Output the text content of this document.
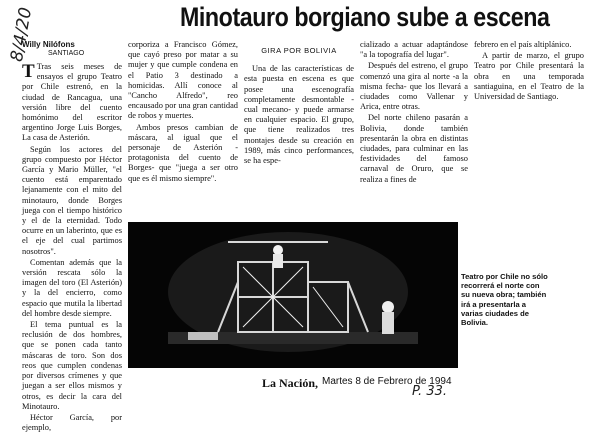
8/4/20	Minotauro borgiano sube a escena
Willy Nilófons
SANTIAGO

T Tras seis meses de ensayos el grupo Teatro por Chile estrenó, en la ciudad de Rancagua, una versión libre del cuento homónimo del escritor argentino Jorge Luis Borges, La casa de Asterión.

Según los actores del grupo compuesto por Héctor García y Mario Müller, "el cuento está emparentado lejanamente con el mito del minotauro, donde Borges juega con el tiempo histórico y el de la eternidad. Todo ocurre en un laberinto, que es el eje del cual partimos nosotros".

Comentan además que la versión rescata sólo la imagen del toro (El Asterión) y la del encierro, como espacio que mutila la libertad del hombre desde siempre.

El tema puntual es la reclusión de dos hombres, que se ponen cada tanto máscaras de toro. Son dos reos que cumplen condenas por diversos crímenes y que juegan a ser ellos mismos y otros, es decir la cara del Minotauro.

Héctor García, por ejemplo,

corporiza a Francisco Gómez, que cayó preso por matar a su mujer y que cumple condena en el Patio 3 destinado a homicidas. Allí conoce al "Cancho Alfredo", reo encausado por una gran cantidad de robos y muertes.

Ambos presos cambian de máscara, al igual que el personaje de Asterión -protagonista del cuento de Borges- que "juega a ser otro que es él mismo siempre".

GIRA POR BOLIVIA

Una de las características de esta puesta en escena es que posee una escenografía completamente desmontable -cual mecano- y puede armarse en cualquier espacio. El grupo, que tiene realizados tres montajes desde su creación en 1989, más cinco performances, se ha espe-

cializado a actuar adaptándose "a la topografía del lugar".

Después del estreno, el grupo comenzó una gira al norte -a la misma fecha- que los llevará a ciudades como Vallenar y Arica, entre otras.

Del norte chileno pasarán a Bolivia, donde también presentarán la obra en distintas ciudades, para culminar en las festividades del famoso carnaval de Oruro, que se realiza a fines de

febrero en el país altiplánico.

A partir de marzo, el grupo Teatro por Chile presentará la obra en una temporada santiaguina, en el Teatro de la Universidad de Santiago.

Teatro por Chile no sólo recorrerá el norte con su nueva obra; también irá a presentarla a varias ciudades de Bolivia.
La Nación, Martes 8 de Febrero de 1994
P. 33.
